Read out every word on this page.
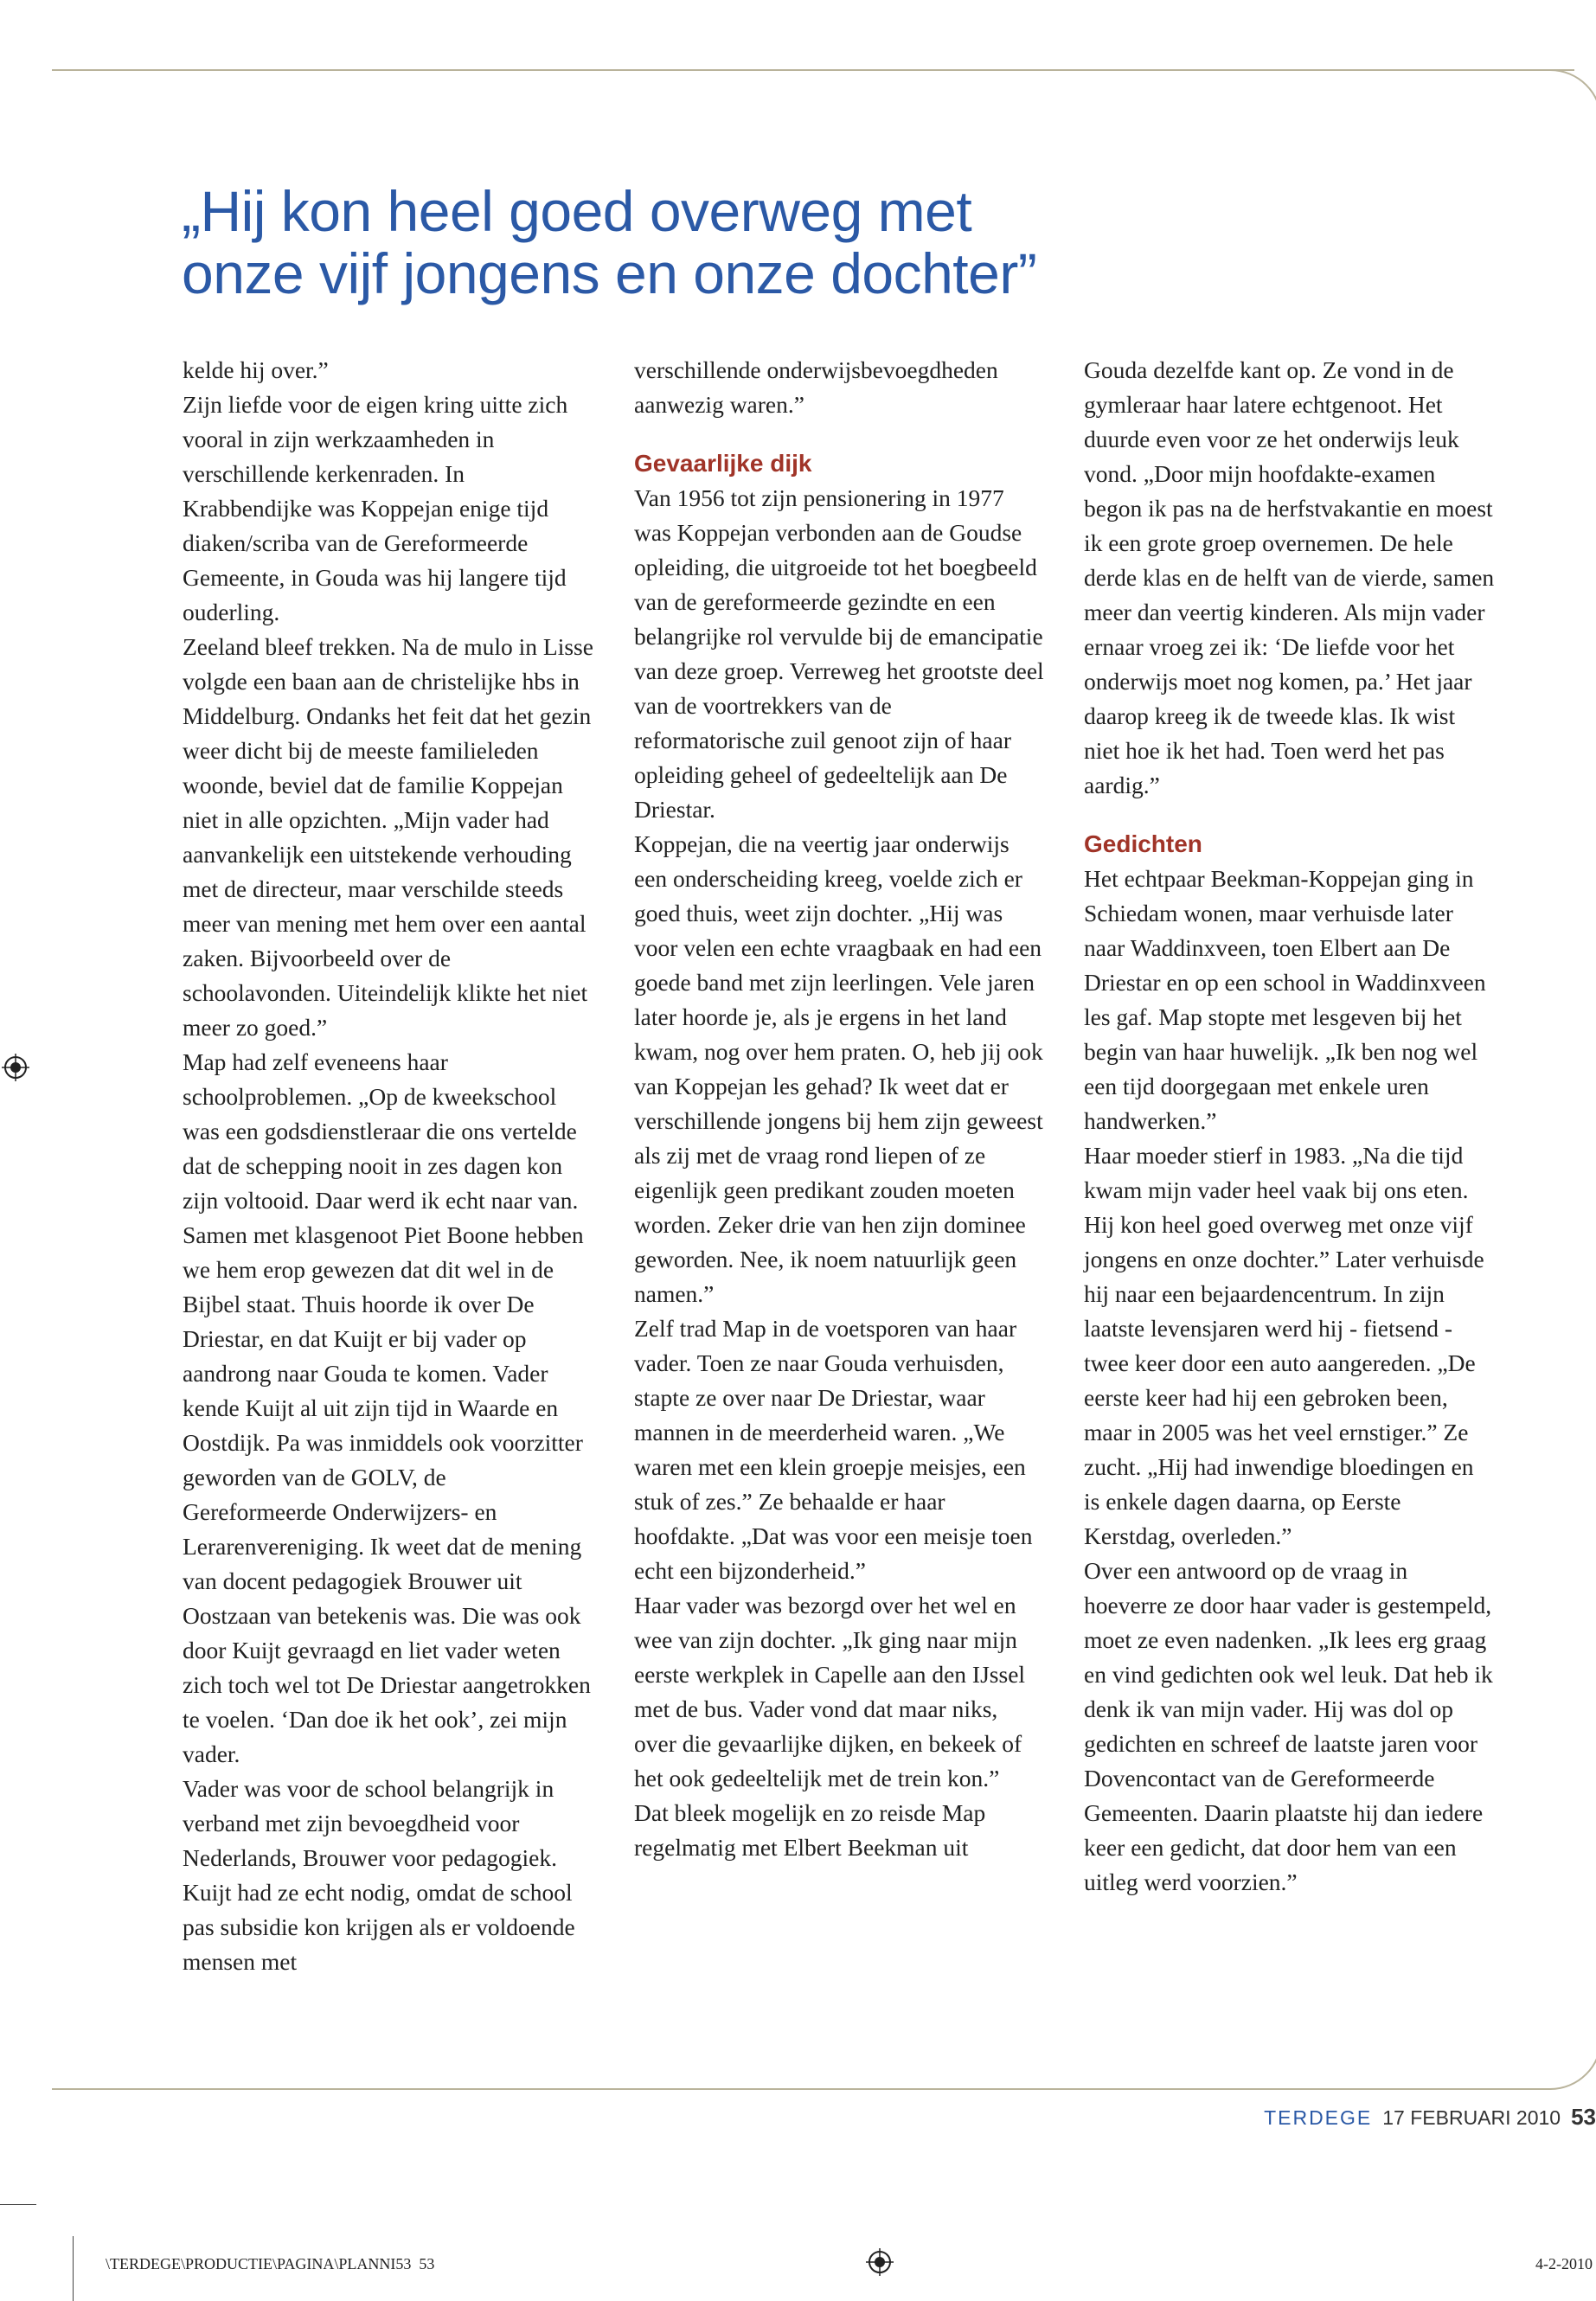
„Hij kon heel goed overweg met
onze vijf jongens en onze dochter”

kelde hij over.”

Zijn liefde voor de eigen kring uitte zich vooral in zijn werkzaamheden in verschillende kerkenraden. In Krabbendijke was Koppejan enige tijd diaken/scriba van de Gereformeerde Gemeente, in Gouda was hij langere tijd ouderling.

Zeeland bleef trekken. Na de mulo in Lisse volgde een baan aan de christelijke hbs in Middelburg. Ondanks het feit dat het gezin weer dicht bij de meeste familieleden woonde, beviel dat de familie Koppejan niet in alle opzichten. „Mijn vader had aanvankelijk een uitstekende verhouding met de directeur, maar verschilde steeds meer van mening met hem over een aantal zaken. Bijvoorbeeld over de schoolavonden. Uiteindelijk klikte het niet meer zo goed.”

Map had zelf eveneens haar schoolproblemen. „Op de kweekschool was een godsdienstleraar die ons vertelde dat de schepping nooit in zes dagen kon zijn voltooid. Daar werd ik echt naar van. Samen met klasgenoot Piet Boone hebben we hem erop gewezen dat dit wel in de Bijbel staat. Thuis hoorde ik over De Driestar, en dat Kuijt er bij vader op aandrong naar Gouda te komen. Vader kende Kuijt al uit zijn tijd in Waarde en Oostdijk. Pa was inmiddels ook voorzitter geworden van de GOLV, de Gereformeerde Onderwijzers- en Lerarenvereniging. Ik weet dat de mening van docent pedagogiek Brouwer uit Oostzaan van betekenis was. Die was ook door Kuijt gevraagd en liet vader weten zich toch wel tot De Driestar aangetrokken te voelen. ‘Dan doe ik het ook’, zei mijn vader.

Vader was voor de school belangrijk in verband met zijn bevoegdheid voor Nederlands, Brouwer voor pedagogiek. Kuijt had ze echt nodig, omdat de school pas subsidie kon krijgen als er voldoende mensen met

verschillende onderwijsbevoegdheden aanwezig waren.”

Gevaarlijke dijk

Van 1956 tot zijn pensionering in 1977 was Koppejan verbonden aan de Goudse opleiding, die uitgroeide tot het boegbeeld van de gereformeerde gezindte en een belangrijke rol vervulde bij de emancipatie van deze groep. Verreweg het grootste deel van de voortrekkers van de reformatorische zuil genoot zijn of haar opleiding geheel of gedeeltelijk aan De Driestar.

Koppejan, die na veertig jaar onderwijs een onderscheiding kreeg, voelde zich er goed thuis, weet zijn dochter. „Hij was voor velen een echte vraagbaak en had een goede band met zijn leerlingen. Vele jaren later hoorde je, als je ergens in het land kwam, nog over hem praten. O, heb jij ook van Koppejan les gehad? Ik weet dat er verschillende jongens bij hem zijn geweest als zij met de vraag rond liepen of ze eigenlijk geen predikant zouden moeten worden. Zeker drie van hen zijn dominee geworden. Nee, ik noem natuurlijk geen namen.”

Zelf trad Map in de voetsporen van haar vader. Toen ze naar Gouda verhuisden, stapte ze over naar De Driestar, waar mannen in de meerderheid waren. „We waren met een klein groepje meisjes, een stuk of zes.” Ze behaalde er haar hoofdakte. „Dat was voor een meisje toen echt een bijzonderheid.”

Haar vader was bezorgd over het wel en wee van zijn dochter. „Ik ging naar mijn eerste werkplek in Capelle aan den IJssel met de bus. Vader vond dat maar niks, over die gevaarlijke dijken, en bekeek of het ook gedeeltelijk met de trein kon.”

Dat bleek mogelijk en zo reisde Map regelmatig met Elbert Beekman uit

Gouda dezelfde kant op. Ze vond in de gymleraar haar latere echtgenoot. Het duurde even voor ze het onderwijs leuk vond. „Door mijn hoofdakte-examen begon ik pas na de herfstvakantie en moest ik een grote groep overnemen. De hele derde klas en de helft van de vierde, samen meer dan veertig kinderen. Als mijn vader ernaar vroeg zei ik: ‘De liefde voor het onderwijs moet nog komen, pa.’ Het jaar daarop kreeg ik de tweede klas. Ik wist niet hoe ik het had. Toen werd het pas aardig.”

Gedichten

Het echtpaar Beekman-Koppejan ging in Schiedam wonen, maar verhuisde later naar Waddinxveen, toen Elbert aan De Driestar en op een school in Waddinxveen les gaf. Map stopte met lesgeven bij het begin van haar huwelijk. „Ik ben nog wel een tijd doorgegaan met enkele uren handwerken.”

Haar moeder stierf in 1983. „Na die tijd kwam mijn vader heel vaak bij ons eten. Hij kon heel goed overweg met onze vijf jongens en onze dochter.” Later verhuisde hij naar een bejaardencentrum. In zijn laatste levensjaren werd hij - fietsend - twee keer door een auto aangereden. „De eerste keer had hij een gebroken been, maar in 2005 was het veel ernstiger.” Ze zucht. „Hij had inwendige bloedingen en is enkele dagen daarna, op Eerste Kerstdag, overleden.”

Over een antwoord op de vraag in hoeverre ze door haar vader is gestempeld, moet ze even nadenken. „Ik lees erg graag en vind gedichten ook wel leuk. Dat heb ik denk ik van mijn vader. Hij was dol op gedichten en schreef de laatste jaren voor Dovencontact van de Gereformeerde Gemeenten. Daarin plaatste hij dan iedere keer een gedicht, dat door hem van een uitleg werd voorzien.”

TERDEGE 17 FEBRUARI 2010 53
\TERDEGE\PRODUCTIE\PAGINA\PLANNI53 53	4-2-2010
